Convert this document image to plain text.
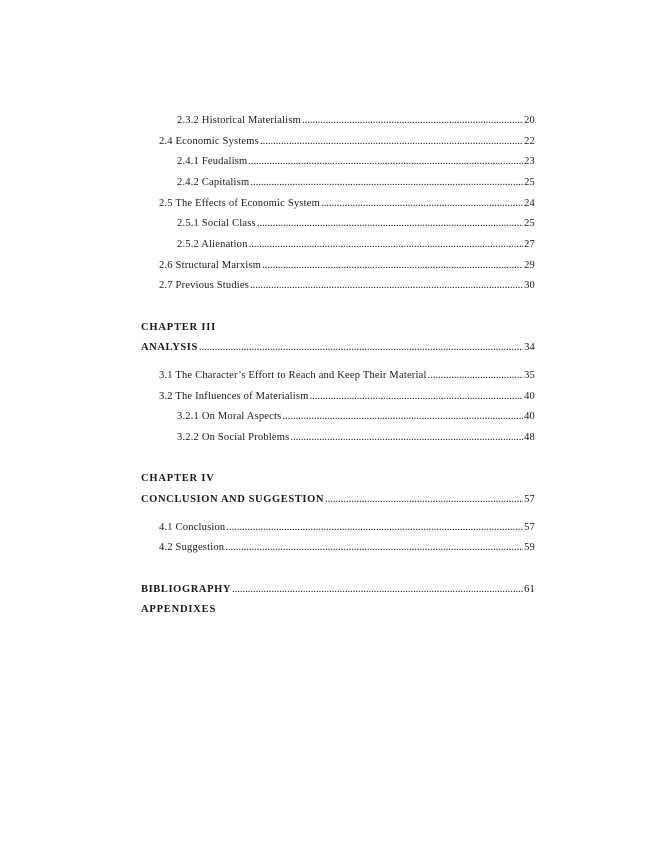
2.3.2 Historical Materialism .....	20
2.4 Economic Systems .....	22
2.4.1 Feudalism .....	23
2.4.2 Capitalism .....	25
2.5 The Effects of Economic System .....	24
2.5.1 Social Class .....	25
2.5.2 Alienation .....	27
2.6 Structural Marxism .....	29
2.7 Previous Studies .....	30
CHAPTER III
ANALYSIS .....	34
3.1 The Character’s Effort to Reach and Keep Their Material .....	35
3.2 The Influences of Materialism .....	40
3.2.1 On Moral Aspects .....	40
3.2.2 On Social Problems .....	48
CHAPTER IV
CONCLUSION AND SUGGESTION .....	57
4.1 Conclusion .....	57
4.2 Suggestion .....	59
BIBLIOGRAPHY .....	61
APPENDIXES
